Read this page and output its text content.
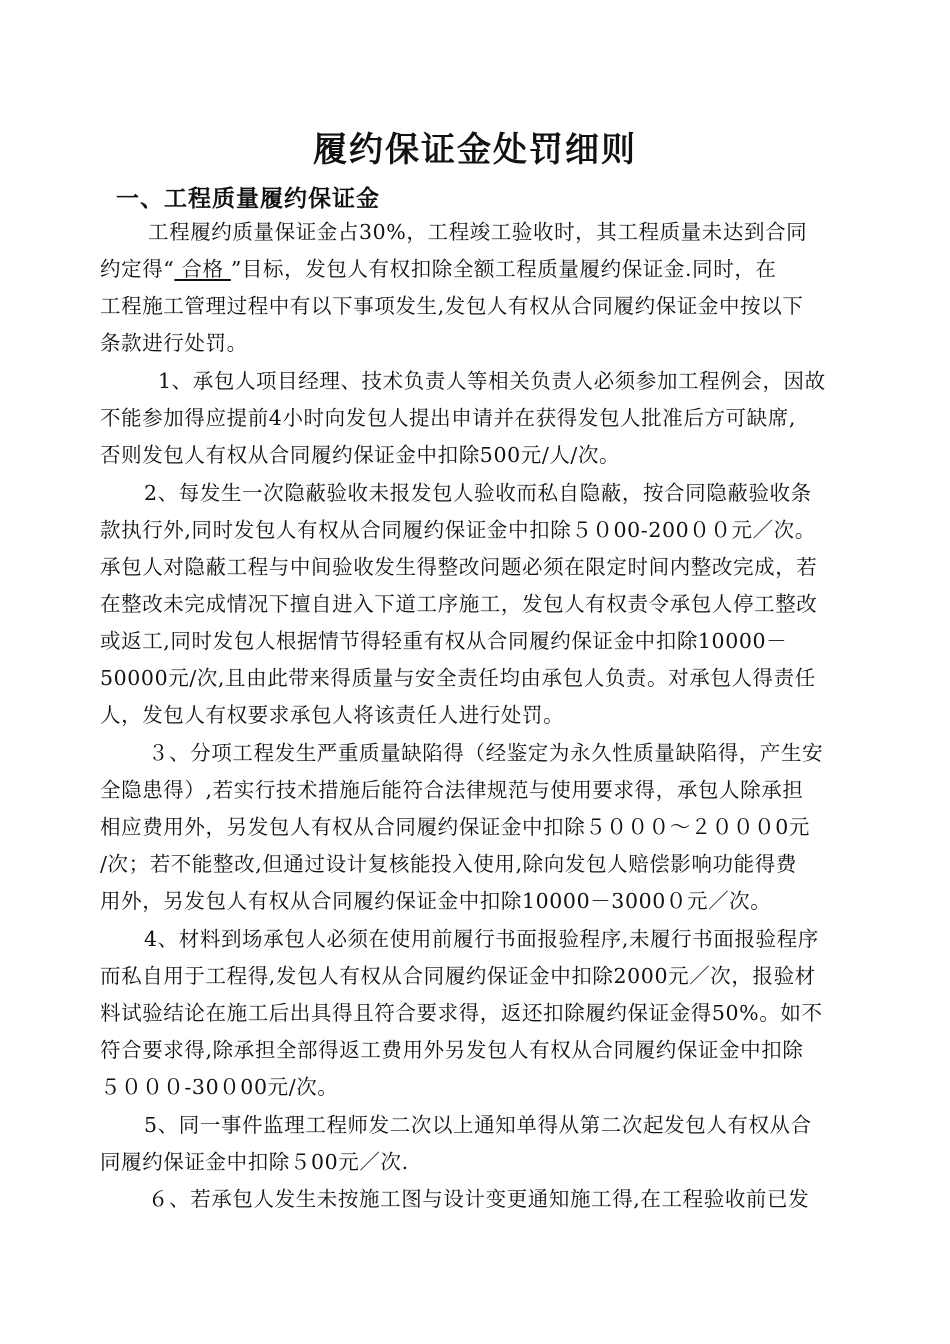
履约保证金处罚细则
一、工程质量履约保证金
工程履约质量保证金占30%，工程竣工验收时，其工程质量未达到合同
约定得“ 合格 ”目标，发包人有权扣除全额工程质量履约保证金.同时，在
工程施工管理过程中有以下事项发生,发包人有权从合同履约保证金中按以下
条款进行处罚。
1、承包人项目经理、技术负责人等相关负责人必须参加工程例会，因故
不能参加得应提前4小时向发包人提出申请并在获得发包人批准后方可缺席,
否则发包人有权从合同履约保证金中扣除500元/人/次。
2、每发生一次隐蔽验收未报发包人验收而私自隐蔽，按合同隐蔽验收条
款执行外,同时发包人有权从合同履约保证金中扣除５０00-200００元／次。
承包人对隐蔽工程与中间验收发生得整改问题必须在限定时间内整改完成，若
在整改未完成情况下擅自进入下道工序施工，发包人有权责令承包人停工整改
或返工,同时发包人根据情节得轻重有权从合同履约保证金中扣除10000－
50000元/次,且由此带来得质量与安全责任均由承包人负责。对承包人得责任
人，发包人有权要求承包人将该责任人进行处罚。
３、分项工程发生严重质量缺陷得（经鉴定为永久性质量缺陷得，产生安
全隐患得）,若实行技术措施后能符合法律规范与使用要求得，承包人除承担
相应费用外，另发包人有权从合同履约保证金中扣除５０００～２０００0元
/次；若不能整改,但通过设计复核能投入使用,除向发包人赔偿影响功能得费
用外，另发包人有权从合同履约保证金中扣除10000－3000０元／次。
4、材料到场承包人必须在使用前履行书面报验程序,未履行书面报验程序
而私自用于工程得,发包人有权从合同履约保证金中扣除2000元／次，报验材
料试验结论在施工后出具得且符合要求得，返还扣除履约保证金得50%。如不
符合要求得,除承担全部得返工费用外另发包人有权从合同履约保证金中扣除
５０００-30０00元/次。
5、同一事件监理工程师发二次以上通知单得从第二次起发包人有权从合
同履约保证金中扣除５00元／次.
６、若承包人发生未按施工图与设计变更通知施工得,在工程验收前已发
